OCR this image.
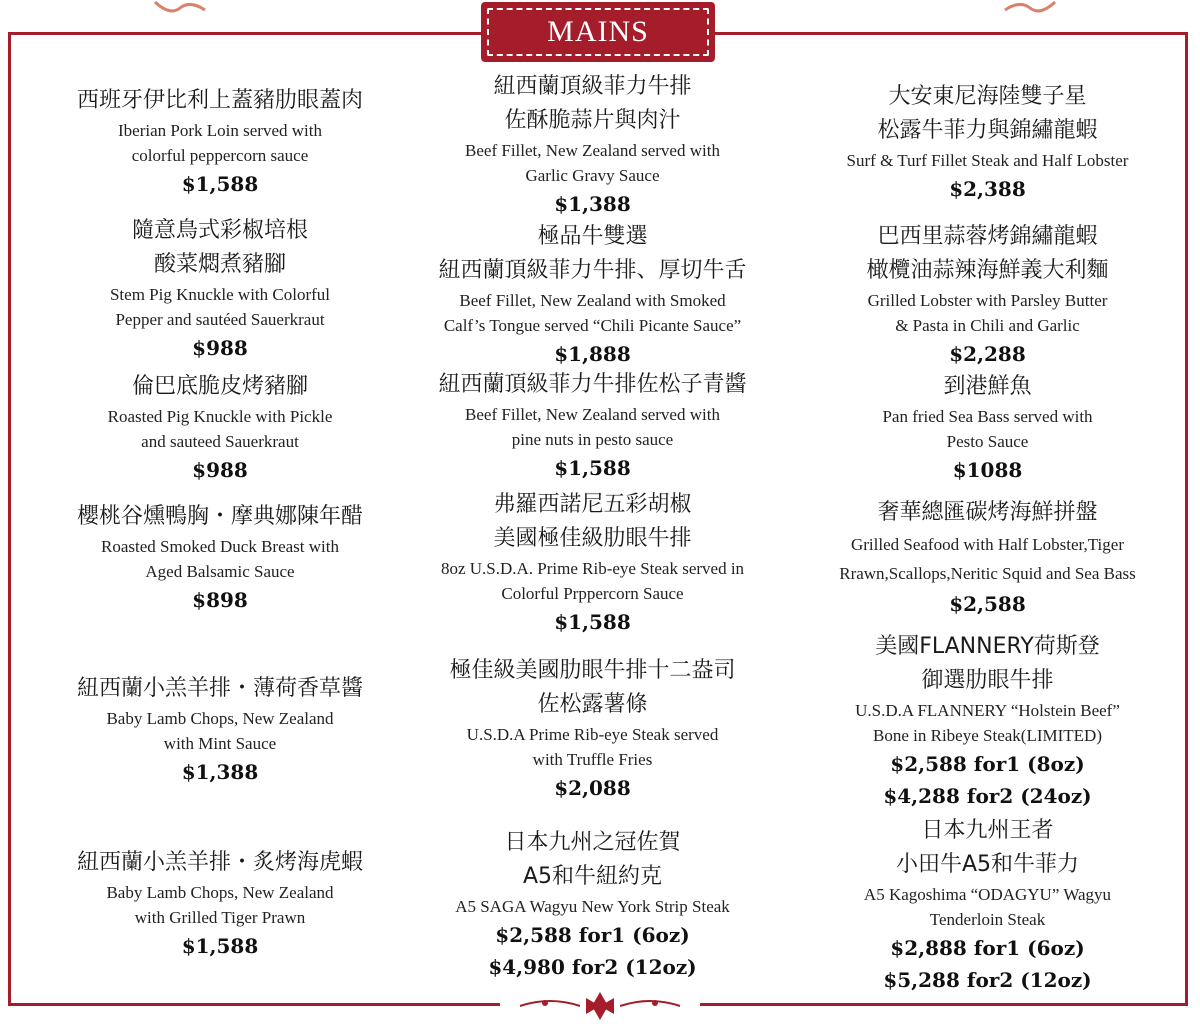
MAINS
西班牙伊比利上蓋豬肋眼蓋肉
Iberian Pork Loin served with
colorful peppercorn sauce
$1,588
隨意鳥式彩椒培根
酸菜燜煮豬腳
Stem Pig Knuckle with Colorful
Pepper and sautéed Sauerkraut
$988
倫巴底脆皮烤豬腳
Roasted Pig Knuckle with Pickle
and sauteed Sauerkraut
$988
櫻桃谷燻鴨胸・摩典娜陳年醋
Roasted Smoked Duck Breast with
Aged Balsamic Sauce
$898
紐西蘭小羔羊排・薄荷香草醬
Baby Lamb Chops, New Zealand
with Mint Sauce
$1,388
紐西蘭小羔羊排・炙烤海虎蝦
Baby Lamb Chops, New Zealand
with Grilled Tiger Prawn
$1,588
紐西蘭頂級菲力牛排
佐酥脆蒜片與肉汁
Beef Fillet, New Zealand served with
Garlic Gravy Sauce
$1,388
極品牛雙選
紐西蘭頂級菲力牛排、厚切牛舌
Beef Fillet, New Zealand with Smoked
Calf’s Tongue served “Chili Picante Sauce”
$1,888
紐西蘭頂級菲力牛排佐松子青醬
Beef Fillet, New Zealand served with
pine nuts in pesto sauce
$1,588
弗羅西諾尼五彩胡椒
美國極佳級肋眼牛排
8oz U.S.D.A. Prime Rib-eye Steak served in
Colorful Prppercorn Sauce
$1,588
極佳級美國肋眼牛排十二盎司
佐松露薯條
U.S.D.A Prime Rib-eye Steak served
with Truffle Fries
$2,088
日本九州之冠佐賀
A5和牛紐約克
A5 SAGA Wagyu New York Strip Steak
$2,588 for1 (6oz)
$4,980 for2 (12oz)
大安東尼海陸雙子星
松露牛菲力與錦繡龍蝦
Surf & Turf Fillet Steak and Half Lobster
$2,388
巴西里蒜蓉烤錦繡龍蝦
橄欖油蒜辣海鮮義大利麵
Grilled Lobster with Parsley Butter
& Pasta in Chili and Garlic
$2,288
到港鮮魚
Pan fried Sea Bass served with
Pesto Sauce
$1088
奢華總匯碳烤海鮮拼盤
Grilled Seafood with Half Lobster,Tiger
Rrawn,Scallops,Neritic Squid and Sea Bass
$2,588
美國FLANNERY荷斯登
御選肋眼牛排
U.S.D.A FLANNERY “Holstein Beef”
Bone in Ribeye Steak(LIMITED)
$2,588 for1 (8oz)
$4,288 for2 (24oz)
日本九州王者
小田牛A5和牛菲力
A5 Kagoshima “ODAGYU” Wagyu
Tenderloin Steak
$2,888 for1 (6oz)
$5,288 for2 (12oz)
